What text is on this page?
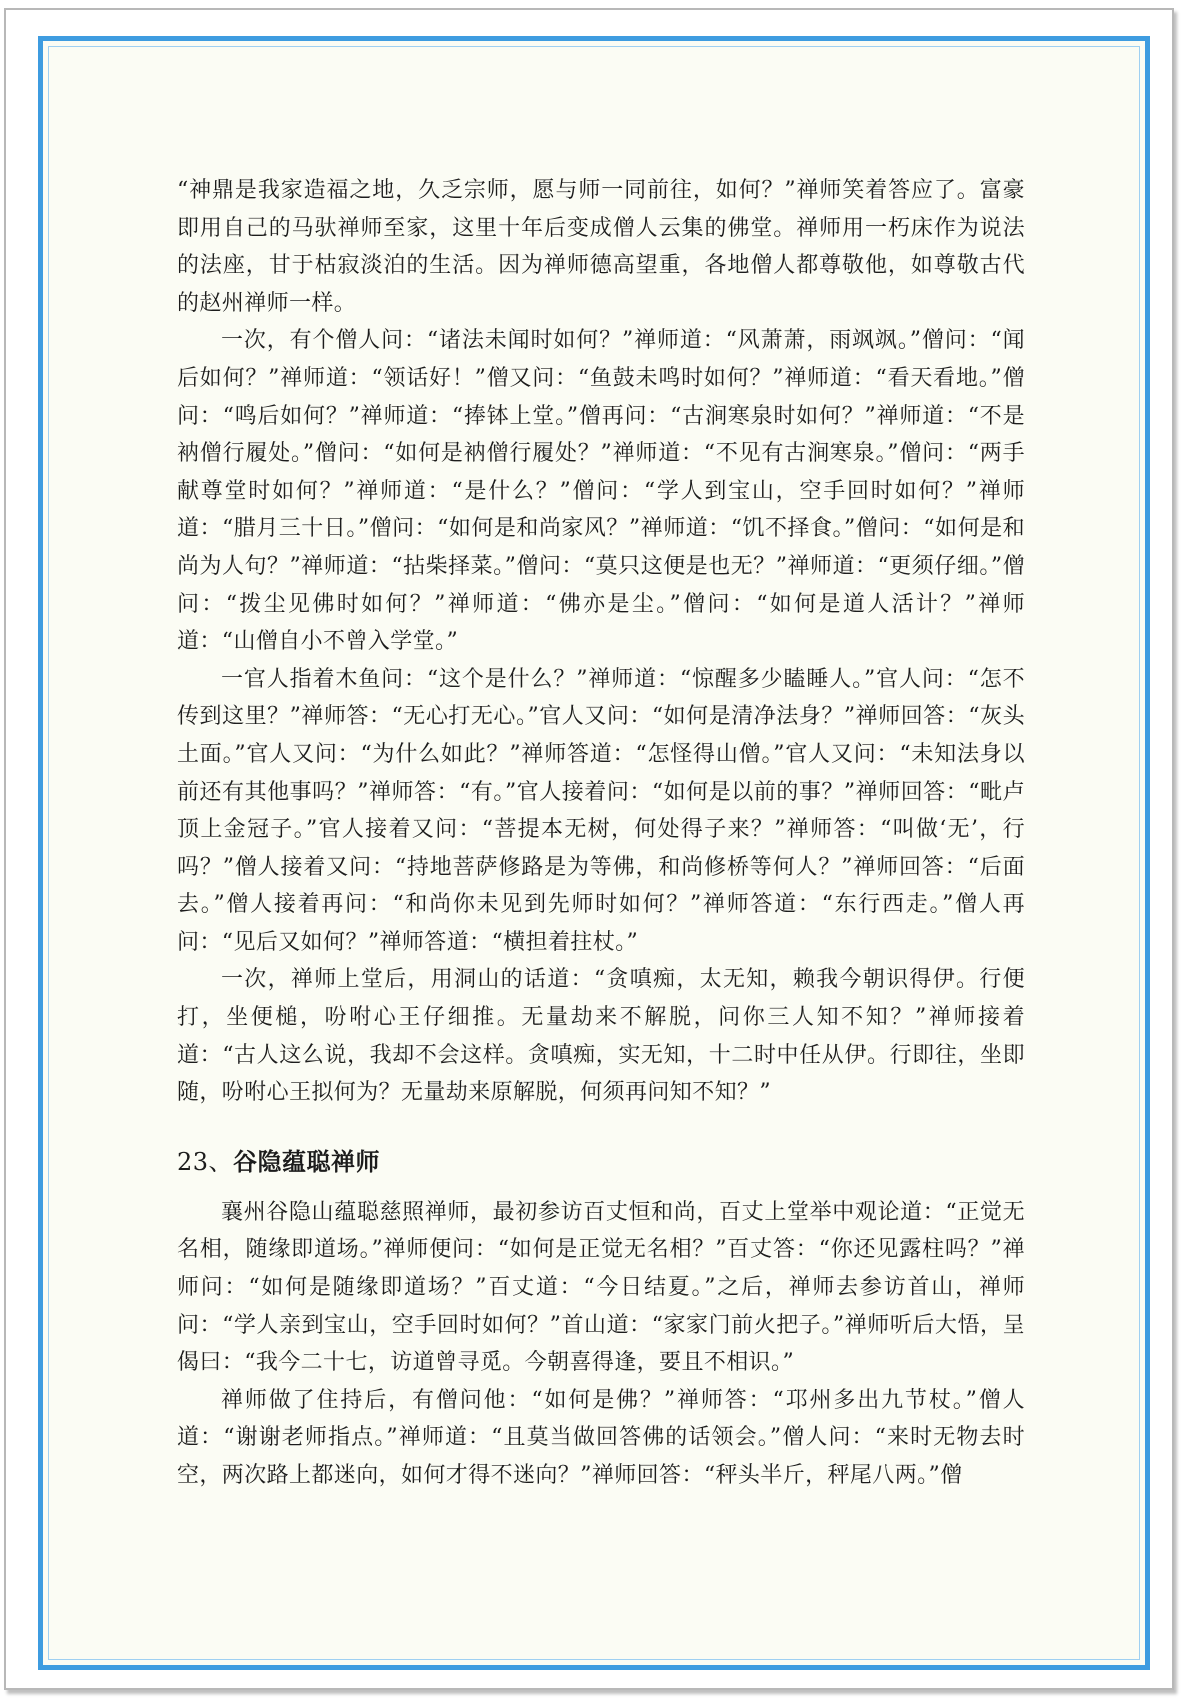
“神鼎是我家造福之地，久乏宗师，愿与师一同前往，如何？”禅师笑着答应了。富豪即用自己的马驮禅师至家，这里十年后变成僧人云集的佛堂。禅师用一朽床作为说法的法座，甘于枯寂淡泊的生活。因为禅师德高望重，各地僧人都尊敬他，如尊敬古代的赵州禅师一样。

一次，有个僧人问：“诸法未闻时如何？”禅师道：“风萧萧，雨飒飒。”僧问：“闻后如何？”禅师道：“领话好！”僧又问：“鱼鼓未鸣时如何？”禅师道：“看天看地。”僧问：“鸣后如何？”禅师道：“捧钵上堂。”僧再问：“古涧寒泉时如何？”禅师道：“不是衲僧行履处。”僧问：“如何是衲僧行履处？”禅师道：“不见有古涧寒泉。”僧问：“两手献尊堂时如何？”禅师道：“是什么？”僧问：“学人到宝山，空手回时如何？”禅师道：“腊月三十日。”僧问：“如何是和尚家风？”禅师道：“饥不择食。”僧问：“如何是和尚为人句？”禅师道：“拈柴择菜。”僧问：“莫只这便是也无？”禅师道：“更须仔细。”僧问：“拨尘见佛时如何？”禅师道：“佛亦是尘。”僧问：“如何是道人活计？”禅师道：“山僧自小不曾入学堂。”

一官人指着木鱼问：“这个是什么？”禅师道：“惊醒多少瞌睡人。”官人问：“怎不传到这里？”禅师答：“无心打无心。”官人又问：“如何是清净法身？”禅师回答：“灰头土面。”官人又问：“为什么如此？”禅师答道：“怎怪得山僧。”官人又问：“未知法身以前还有其他事吗？”禅师答：“有。”官人接着问：“如何是以前的事？”禅师回答：“毗卢顶上金冠子。”官人接着又问：“菩提本无树，何处得子来？”禅师答：“叫做‘无’，行吗？”僧人接着又问：“持地菩萨修路是为等佛，和尚修桥等何人？”禅师回答：“后面去。”僧人接着再问：“和尚你未见到先师时如何？”禅师答道：“东行西走。”僧人再问：“见后又如何？”禅师答道：“横担着拄杖。”

一次，禅师上堂后，用洞山的话道：“贪嗔痴，太无知，赖我今朝识得伊。行便打，坐便槌，吩咐心王仔细推。无量劫来不解脱，问你三人知不知？”禅师接着道：“古人这么说，我却不会这样。贪嗔痴，实无知，十二时中任从伊。行即往，坐即随，吩咐心王拟何为？无量劫来原解脱，何须再问知不知？”

23、谷隐蕴聪禅师

襄州谷隐山蕴聪慈照禅师，最初参访百丈恒和尚，百丈上堂举中观论道：“正觉无名相，随缘即道场。”禅师便问：“如何是正觉无名相？”百丈答：“你还见露柱吗？”禅师问：“如何是随缘即道场？”百丈道：“今日结夏。”之后，禅师去参访首山，禅师问：“学人亲到宝山，空手回时如何？”首山道：“家家门前火把子。”禅师听后大悟，呈偈曰：“我今二十七，访道曾寻觅。今朝喜得逢，要且不相识。”

禅师做了住持后，有僧问他：“如何是佛？”禅师答：“邛州多出九节杖。”僧人道：“谢谢老师指点。”禅师道：“且莫当做回答佛的话领会。”僧人问：“来时无物去时空，两次路上都迷向，如何才得不迷向？”禅师回答：“秤头半斤，秤尾八两。”僧
